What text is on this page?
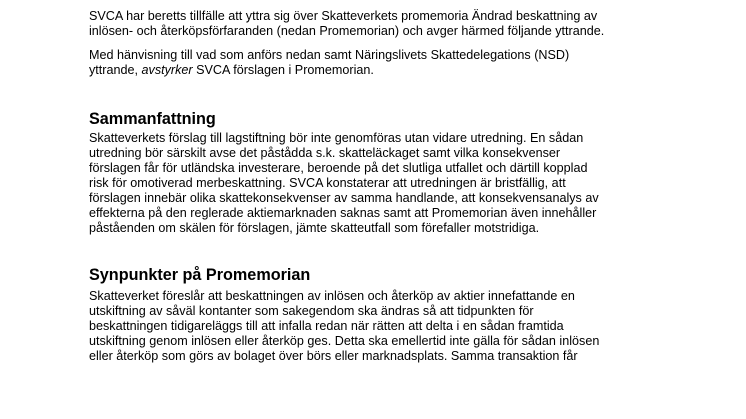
SVCA har beretts tillfälle att yttra sig över Skatteverkets promemoria Ändrad beskattning av
inlösen- och återköpsförfaranden (nedan Promemorian) och avger härmed följande yttrande.

Med hänvisning till vad som anförs nedan samt Näringslivets Skattedelegations (NSD)
yttrande, avstyrker SVCA förslagen i Promemorian.

Sammanfattning

Skatteverkets förslag till lagstiftning bör inte genomföras utan vidare utredning. En sådan
utredning bör särskilt avse det påstådda s.k. skatteläckaget samt vilka konsekvenser
förslagen får för utländska investerare, beroende på det slutliga utfallet och därtill kopplad
risk för omotiverad merbeskattning. SVCA konstaterar att utredningen är bristfällig, att
förslagen innebär olika skattekonsekvenser av samma handlande, att konsekvensanalys av
effekterna på den reglerade aktiemarknaden saknas samt att Promemorian även innehåller
påståenden om skälen för förslagen, jämte skatteutfall som förefaller motstridiga.

Synpunkter på Promemorian

Skatteverket föreslår att beskattningen av inlösen och återköp av aktier innefattande en
utskiftning av såväl kontanter som sakegendom ska ändras så att tidpunkten för
beskattningen tidigareläggs till att infalla redan när rätten att delta i en sådan framtida
utskiftning genom inlösen eller återköp ges. Detta ska emellertid inte gälla för sådan inlösen
eller återköp som görs av bolaget över börs eller marknadsplats. Samma transaktion får
